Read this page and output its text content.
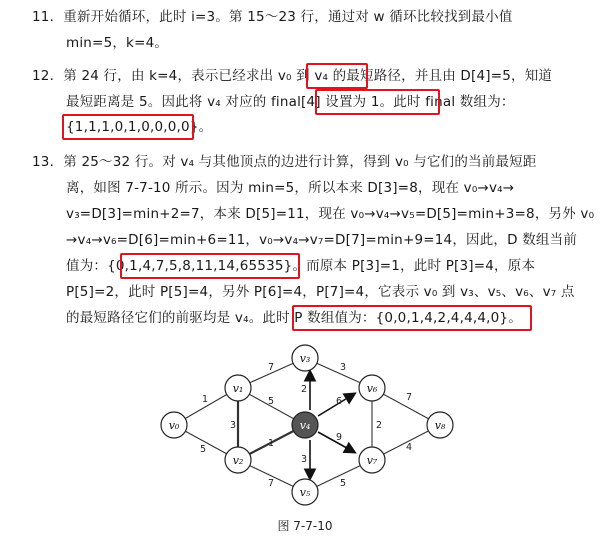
11．重新开始循环，此时 i=3。第 15～23 行，通过对 w 循环比较找到最小值
min=5，k=4。
12．第 24 行，由 k=4，表示已经求出 v₀ 到 v₄ 的最短路径，并且由 D[4]=5，知道
最短距离是 5。因此将 v₄ 对应的 final[4] 设置为 1。此时 final 数组为：
{1,1,1,0,1,0,0,0,0}。
13．第 25～32 行。对 v₄ 与其他顶点的边进行计算，得到 v₀ 与它们的当前最短距
离，如图 7-7-10 所示。因为 min=5，所以本来 D[3]=8，现在 v₀→v₄→
v₃=D[3]=min+2=7，本来 D[5]=11，现在 v₀→v₄→v₅=D[5]=min+3=8，另外 v₀
→v₄→v₆=D[6]=min+6=11，v₀→v₄→v₇=D[7]=min+9=14，因此，D 数组当前
值为：{0,1,4,7,5,8,11,14,65535}。而原本 P[3]=1，此时 P[3]=4，原本
P[5]=2，此时 P[5]=4，另外 P[6]=4，P[7]=4，它表示 v₀ 到 v₃、v₅、v₆、v₇ 点
的最短路径它们的前驱均是 v₄。此时 P 数组值为：{0,0,1,4,2,4,4,4,0}。
1
5
3
7
5
1
7
2
3
6
3
9
5
2
7
4
v₀
v₁
v₂
v₃
v₄
v₅
v₆
v₇
v₈
图 7-7-10
